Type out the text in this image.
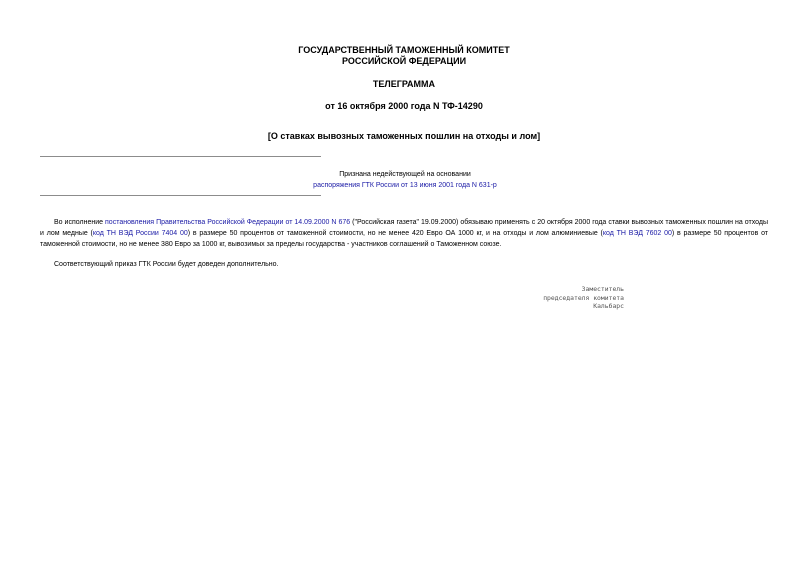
ГОСУДАРСТВЕННЫЙ ТАМОЖЕННЫЙ КОМИТЕТ
РОССИЙСКОЙ ФЕДЕРАЦИИ
ТЕЛЕГРАММА
от 16 октября 2000 года N ТФ-14290
[О ставках вывозных таможенных пошлин на отходы и лом]
Признана недействующей на основании
распоряжения ГТК России от 13 июня 2001 года N 631-р
Во исполнение постановления Правительства Российской Федерации от 14.09.2000 N 676 ("Российская газета" 19.09.2000) обязываю применять с 20 октября 2000 года ставки вывозных таможенных пошлин на отходы и лом медные (код ТН ВЭД России 7404 00) в размере 50 процентов от таможенной стоимости, но не менее 420 Евро ОА 1000 кг, и на отходы и лом алюминиевые (код ТН ВЭД 7602 00) в размере 50 процентов от таможенной стоимости, но не менее 380 Евро за 1000 кг, вывозимых за пределы государства - участников соглашений о Таможенном союзе.
Соответствующий приказ ГТК России будет доведен дополнительно.
Заместитель
председателя комитета
Кальбарс
